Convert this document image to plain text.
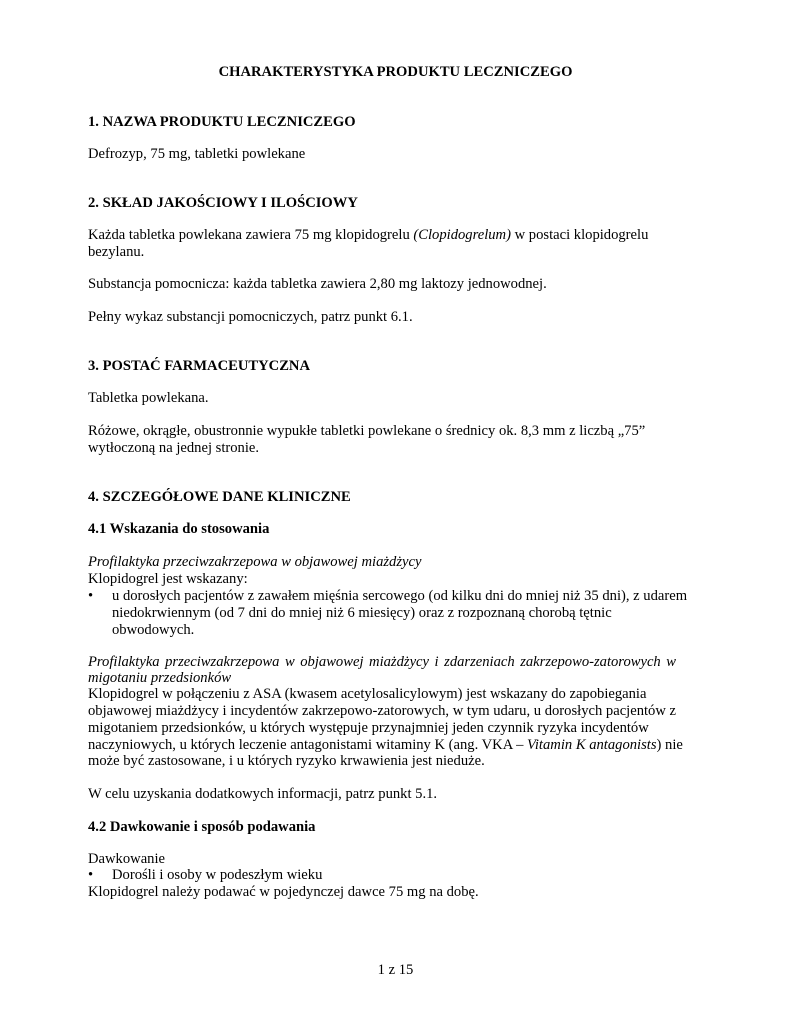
CHARAKTERYSTYKA PRODUKTU LECZNICZEGO

1. NAZWA PRODUKTU LECZNICZEGO

Defrozyp, 75 mg, tabletki powlekane

2. SKŁAD JAKOŚCIOWY I ILOŚCIOWY

Każda tabletka powlekana zawiera 75 mg klopidogrelu (Clopidogrelum) w postaci klopidogrelu

bezylanu.

Substancja pomocnicza: każda tabletka zawiera 2,80 mg laktozy jednowodnej.

Pełny wykaz substancji pomocniczych, patrz punkt 6.1.

3. POSTAĆ FARMACEUTYCZNA

Tabletka powlekana.

Różowe, okrągłe, obustronnie wypukłe tabletki powlekane o średnicy ok. 8,3 mm z liczbą „75”

wytłoczoną na jednej stronie.

4. SZCZEGÓŁOWE DANE KLINICZNE

4.1 Wskazania do stosowania

Profilaktyka przeciwzakrzepowa w objawowej miażdżycy

Klopidogrel jest wskazany:

• u dorosłych pacjentów z zawałem mięśnia sercowego (od kilku dni do mniej niż 35 dni), z udarem

niedokrwiennym (od 7 dni do mniej niż 6 miesięcy) oraz z rozpoznaną chorobą tętnic

obwodowych.

Profilaktyka przeciwzakrzepowa w objawowej miażdżycy i zdarzeniach zakrzepowo-zatorowych w

migotaniu przedsionków

Klopidogrel w połączeniu z ASA (kwasem acetylosalicylowym) jest wskazany do zapobiegania

objawowej miażdżycy i incydentów zakrzepowo-zatorowych, w tym udaru, u dorosłych pacjentów z

migotaniem przedsionków, u których występuje przynajmniej jeden czynnik ryzyka incydentów

naczyniowych, u których leczenie antagonistami witaminy K (ang. VKA – Vitamin K antagonists) nie

może być zastosowane, i u których ryzyko krwawienia jest nieduże.

W celu uzyskania dodatkowych informacji, patrz punkt 5.1.

4.2 Dawkowanie i sposób podawania

Dawkowanie

• Dorośli i osoby w podeszłym wieku

Klopidogrel należy podawać w pojedynczej dawce 75 mg na dobę.

1 z 15
